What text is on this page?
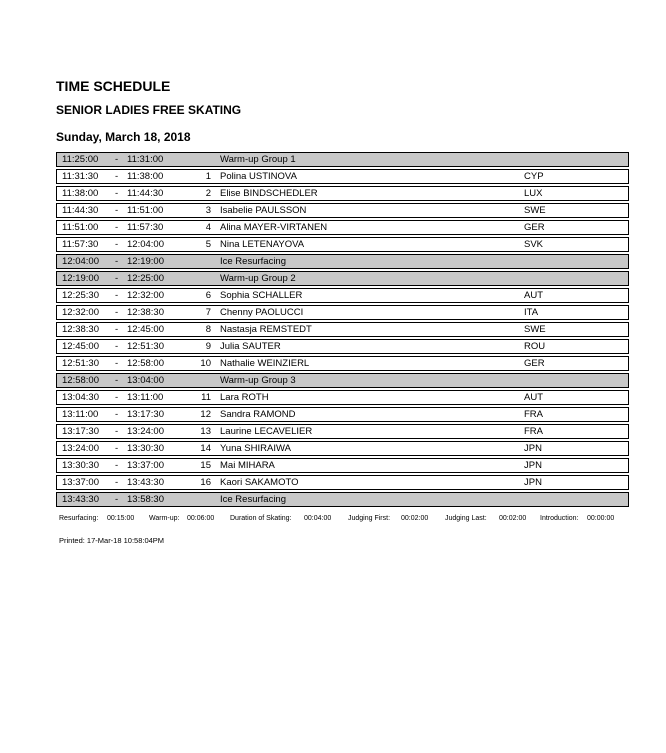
TIME SCHEDULE
SENIOR LADIES FREE SKATING
Sunday, March 18, 2018
11:25:00 - 11:31:00	Warm-up Group 1
11:31:30 - 11:38:00	1 Polina USTINOVA	CYP
11:38:00 - 11:44:30	2 Elise BINDSCHEDLER	LUX
11:44:30 - 11:51:00	3 Isabelie PAULSSON	SWE
11:51:00 - 11:57:30	4 Alina MAYER-VIRTANEN	GER
11:57:30 - 12:04:00	5 Nina LETENAYOVA	SVK
12:04:00 - 12:19:00	Ice Resurfacing
12:19:00 - 12:25:00	Warm-up Group 2
12:25:30 - 12:32:00	6 Sophia SCHALLER	AUT
12:32:00 - 12:38:30	7 Chenny PAOLUCCI	ITA
12:38:30 - 12:45:00	8 Nastasja REMSTEDT	SWE
12:45:00 - 12:51:30	9 Julia SAUTER	ROU
12:51:30 - 12:58:00	10 Nathalie WEINZIERL	GER
12:58:00 - 13:04:00	Warm-up Group 3
13:04:30 - 13:11:00	11 Lara ROTH	AUT
13:11:00 - 13:17:30	12 Sandra RAMOND	FRA
13:17:30 - 13:24:00	13 Laurine LECAVELIER	FRA
13:24:00 - 13:30:30	14 Yuna SHIRAIWA	JPN
13:30:30 - 13:37:00	15 Mai MIHARA	JPN
13:37:00 - 13:43:30	16 Kaori SAKAMOTO	JPN
13:43:30 - 13:58:30	Ice Resurfacing
Resurfacing: 00:15:00 Warm-up: 00:06:00 Duration of Skating: 00:04:00 Judging First: 00:02:00 Judging Last: 00:02:00 Introduction: 00:00:00
Printed: 17-Mar-18 10:58:04PM
